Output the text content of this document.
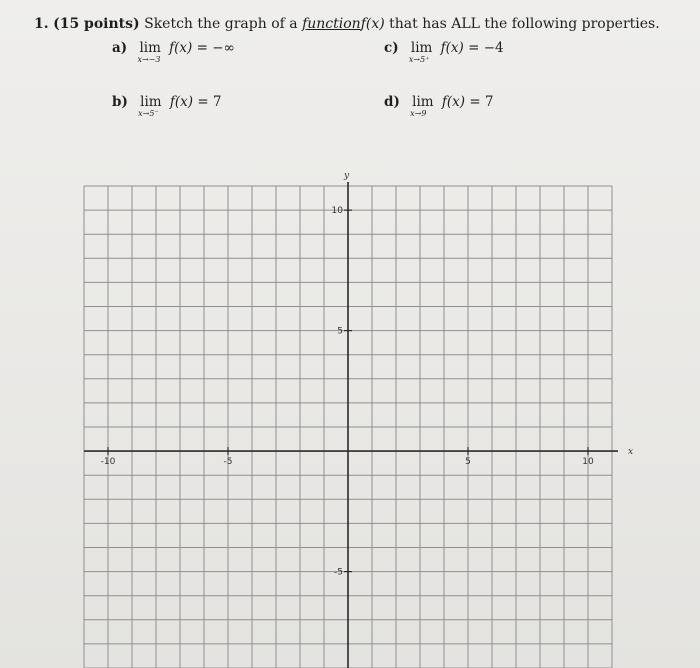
1. (15 points) Sketch the graph of a functionf(x) that has ALL the following properties.
a) lim
x→−3
f(x) = −∞	c) lim
x→5⁺
f(x) = −4
b) lim
x→5⁻
f(x) = 7	d) lim
x→9
f(x) = 7
x
y
-10	-5	5	10
10
5
-5
